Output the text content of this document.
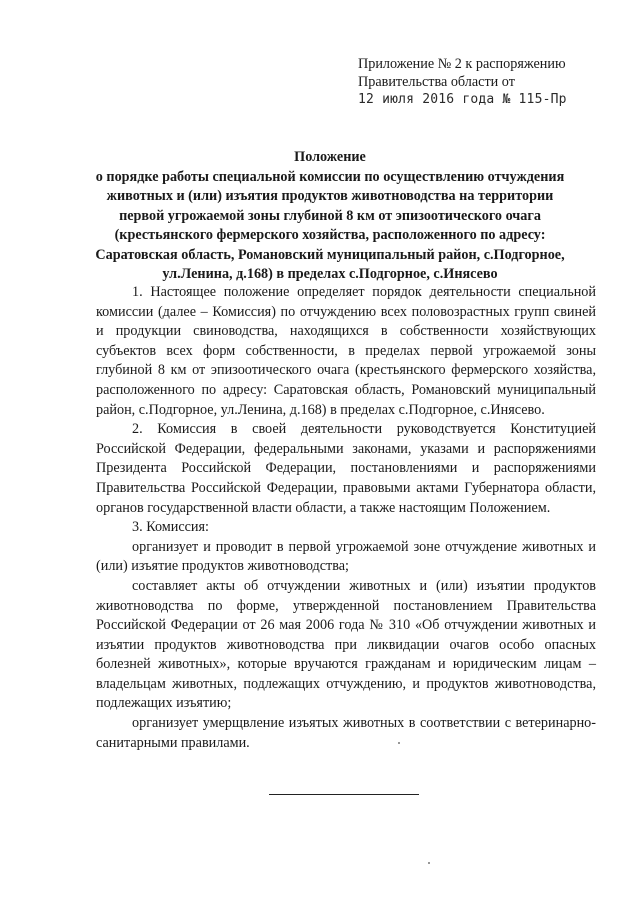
Приложение № 2 к распоряжению
Правительства области от
12 июля 2016 года № 115-Пр
Положение
о порядке работы специальной комиссии по осуществлению отчуждения
животных и (или) изъятия продуктов животноводства на территории
первой угрожаемой зоны глубиной 8 км от эпизоотического очага
(крестьянского фермерского хозяйства, расположенного по адресу:
Саратовская область, Романовский муниципальный район, с.Подгорное,
ул.Ленина, д.168) в пределах с.Подгорное, с.Инясево

1. Настоящее положение определяет порядок деятельности специальной комиссии (далее – Комиссия) по отчуждению всех половозрастных групп свиней и продукции свиноводства, находящихся в собственности хозяйствующих субъектов всех форм собственности, в пределах первой угрожаемой зоны глубиной 8 км от эпизоотического очага (крестьянского фермерского хозяйства, расположенного по адресу: Саратовская область, Романовский муниципальный район, с.Подгорное, ул.Ленина, д.168) в пределах с.Подгорное, с.Инясево.

2. Комиссия в своей деятельности руководствуется Конституцией Российской Федерации, федеральными законами, указами и распоряжениями Президента Российской Федерации, постановлениями и распоряжениями Правительства Российской Федерации, правовыми актами Губернатора области, органов государственной власти области, а также настоящим Положением.

3. Комиссия:

организует и проводит в первой угрожаемой зоне отчуждение животных и (или) изъятие продуктов животноводства;

составляет акты об отчуждении животных и (или) изъятии продуктов животноводства по форме, утвержденной постановлением Правительства Российской Федерации от 26 мая 2006 года № 310 «Об отчуждении животных и изъятии продуктов животноводства при ликвидации очагов особо опасных болезней животных», которые вручаются гражданам и юридическим лицам – владельцам животных, подлежащих отчуждению, и продуктов животноводства, подлежащих изъятию;

организует умерщвление изъятых животных в соответствии с ветеринарно-санитарными правилами.
